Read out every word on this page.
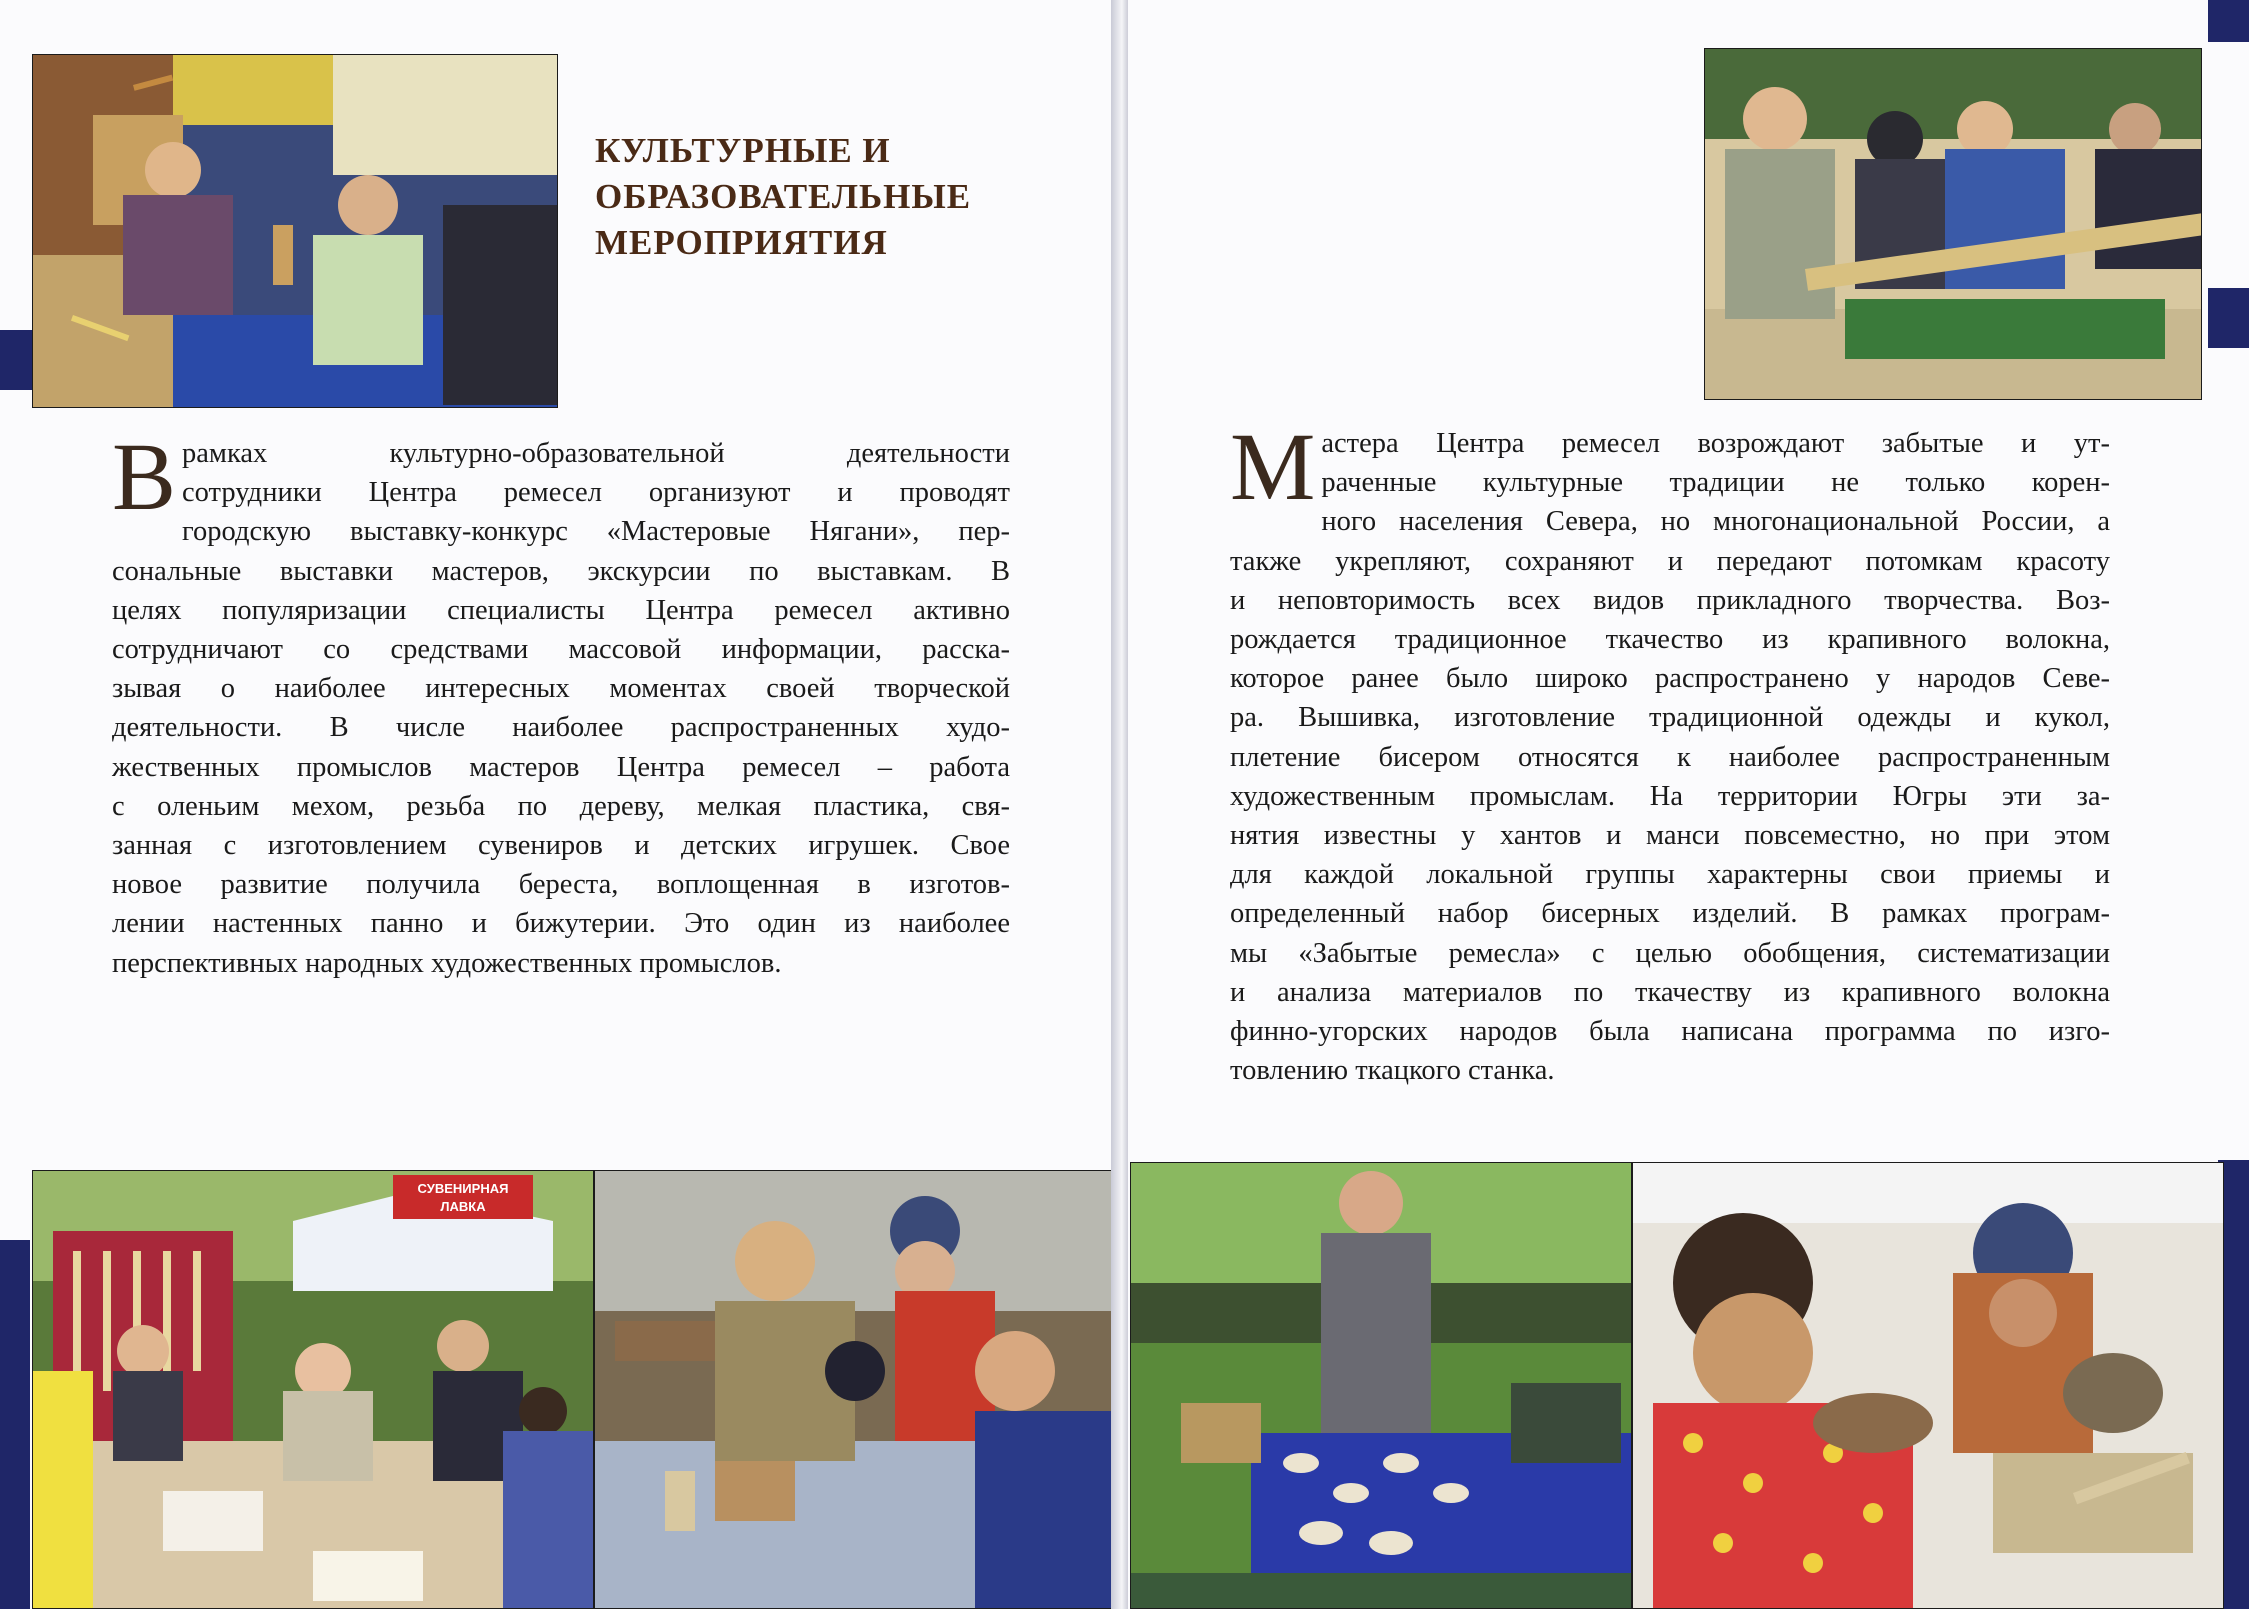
КУЛЬТУРНЫЕ И
ОБРАЗОВАТЕЛЬНЫЕ
МЕРОПРИЯТИЯ
В рамках культурно-образовательной деятельности
сотрудники Центра ремесел организуют и проводят
городскую выставку-конкурс «Мастеровые Нягани», пер-
сональные выставки мастеров, экскурсии по выставкам. В
целях популяризации специалисты Центра ремесел активно
сотрудничают со средствами массовой информации, расска-
зывая о наиболее интересных моментах своей творческой
деятельности. В числе наиболее распространенных худо-
жественных промыслов мастеров Центра ремесел – работа
с оленьим мехом, резьба по дереву, мелкая пластика, свя-
занная с изготовлением сувениров и детских игрушек. Свое
новое развитие получила береста, воплощенная в изготов-
лении настенных панно и бижутерии. Это один из наиболее
перспективных народных художественных промыслов.
СУВЕНИРНАЯ
ЛАВКА
М астера Центра ремесел возрождают забытые и ут-
раченные культурные традиции не только корен-
ного населения Севера, но многонациональной России, а
также укрепляют, сохраняют и передают потомкам красоту
и неповторимость всех видов прикладного творчества. Воз-
рождается традиционное ткачество из крапивного волокна,
которое ранее было широко распространено у народов Севе-
ра. Вышивка, изготовление традиционной одежды и кукол,
плетение бисером относятся к наиболее распространенным
художественным промыслам. На территории Югры эти за-
нятия известны у хантов и манси повсеместно, но при этом
для каждой локальной группы характерны свои приемы и
определенный набор бисерных изделий. В рамках програм-
мы «Забытые ремесла» с целью обобщения, систематизации
и анализа материалов по ткачеству из крапивного волокна
финно-угорских народов была написана программа по изго-
товлению ткацкого станка.
